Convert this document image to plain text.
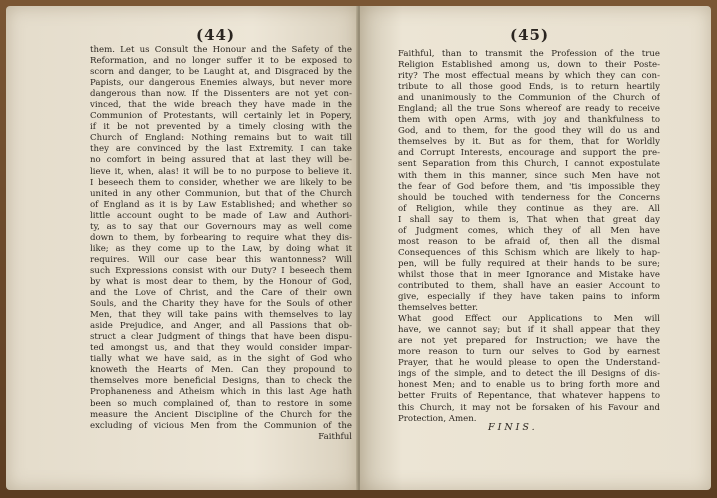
(44)
them. Let us Consult the Honour and the Safety of the
Reformation, and no longer suffer it to be exposed to
scorn and danger, to be Laught at, and Disgraced by the
Papists, our dangerous Enemies always, but never more
dangerous than now. If the Dissenters are not yet con-
vinced, that the wide breach they have made in the
Communion of Protestants, will certainly let in Popery,
if it be not prevented by a timely closing with the
Church of England: Nothing remains but to wait till
they are convinced by the last Extremity. I can take
no comfort in being assured that at last they will be-
lieve it, when, alas! it will be to no purpose to believe it.
I beseech them to consider, whether we are likely to be
united in any other Communion, but that of the Church
of England as it is by Law Established; and whether so
little account ought to be made of Law and Authori-
ty, as to say that our Governours may as well come
down to them, by forbearing to require what they dis-
like; as they come up to the Law, by doing what it
requires. Will our case bear this wantonness? Will
such Expressions consist with our Duty? I beseech them
by what is most dear to them, by the Honour of God,
and the Love of Christ, and the Care of their own
Souls, and the Charity they have for the Souls of other
Men, that they will take pains with themselves to lay
aside Prejudice, and Anger, and all Passions that ob-
struct a clear Judgment of things that have been dispu-
ted amongst us, and that they would consider impar-
tially what we have said, as in the sight of God who
knoweth the Hearts of Men. Can they propound to
themselves more beneficial Designs, than to check the
Prophaneness and Atheism which in this last Age hath
been so much complained of, than to restore in some
measure the Ancient Discipline of the Church for the
excluding of vicious Men from the Communion of the
Faithful
(45)
Faithful, than to transmit the Profession of the true
Religion Established among us, down to their Poste-
rity? The most effectual means by which they can con-
tribute to all those good Ends, is to return heartily
and unanimously to the Communion of the Church of
England; all the true Sons whereof are ready to receive
them with open Arms, with joy and thankfulness to
God, and to them, for the good they will do us and
themselves by it. But as for them, that for Worldly
and Corrupt Interests, encourage and support the pre-
sent Separation from this Church, I cannot expostulate
with them in this manner, since such Men have not
the fear of God before them, and 'tis impossible they
should be touched with tenderness for the Concerns
of Religion, while they continue as they are. All
I shall say to them is, That when that great day
of Judgment comes, which they of all Men have
most reason to be afraid of, then all the dismal
Consequences of this Schism which are likely to hap-
pen, will be fully required at their hands to be sure;
whilst those that in meer Ignorance and Mistake have
contributed to them, shall have an easier Account to
give, especially if they have taken pains to inform
themselves better.
What good Effect our Applications to Men will
have, we cannot say; but if it shall appear that they
are not yet prepared for Instruction; we have the
more reason to turn our selves to God by earnest
Prayer, that he would please to open the Understand-
ings of the simple, and to detect the ill Designs of dis-
honest Men; and to enable us to bring forth more and
better Fruits of Repentance, that whatever happens to
this Church, it may not be forsaken of his Favour and
Protection, Amen.
FINIS.
